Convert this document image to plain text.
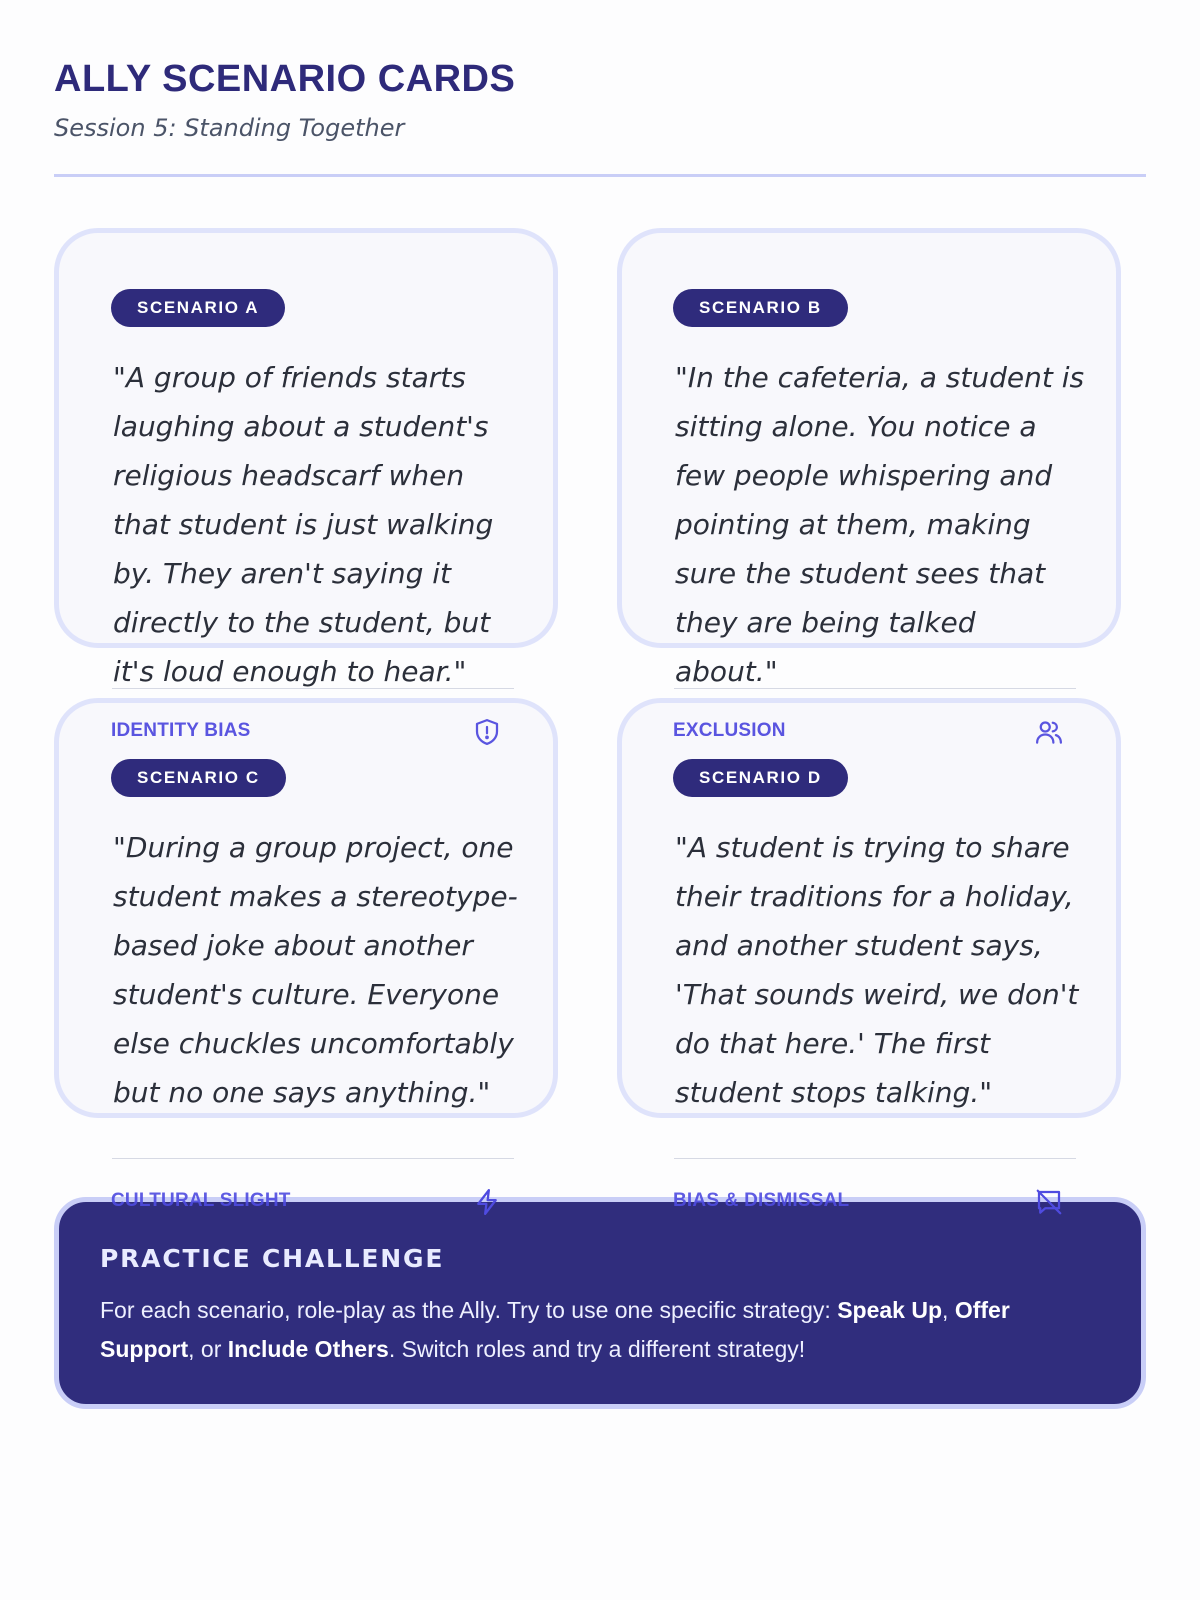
ALLY SCENARIO CARDS
Session 5: Standing Together
SCENARIO A

"A group of friends starts laughing about a student's religious headscarf when that student is just walking by. They aren't saying it directly to the student, but it's loud enough to hear."

SCENARIO B

"In the cafeteria, a student is sitting alone. You notice a few people whispering and pointing at them, making sure the student sees that they are being talked about."

IDENTITY BIAS
SCENARIO C

"During a group project, one student makes a stereotype-based joke about another student's culture. Everyone else chuckles uncomfortably but no one says anything."

EXCLUSION
SCENARIO D

"A student is trying to share their traditions for a holiday, and another student says, 'That sounds weird, we don't do that here.' The first student stops talking."

CULTURAL SLIGHT	BIAS & DISMISSAL
PRACTICE CHALLENGE
For each scenario, role-play as the Ally. Try to use one specific strategy: Speak Up, Offer Support, or Include Others. Switch roles and try a different strategy!
